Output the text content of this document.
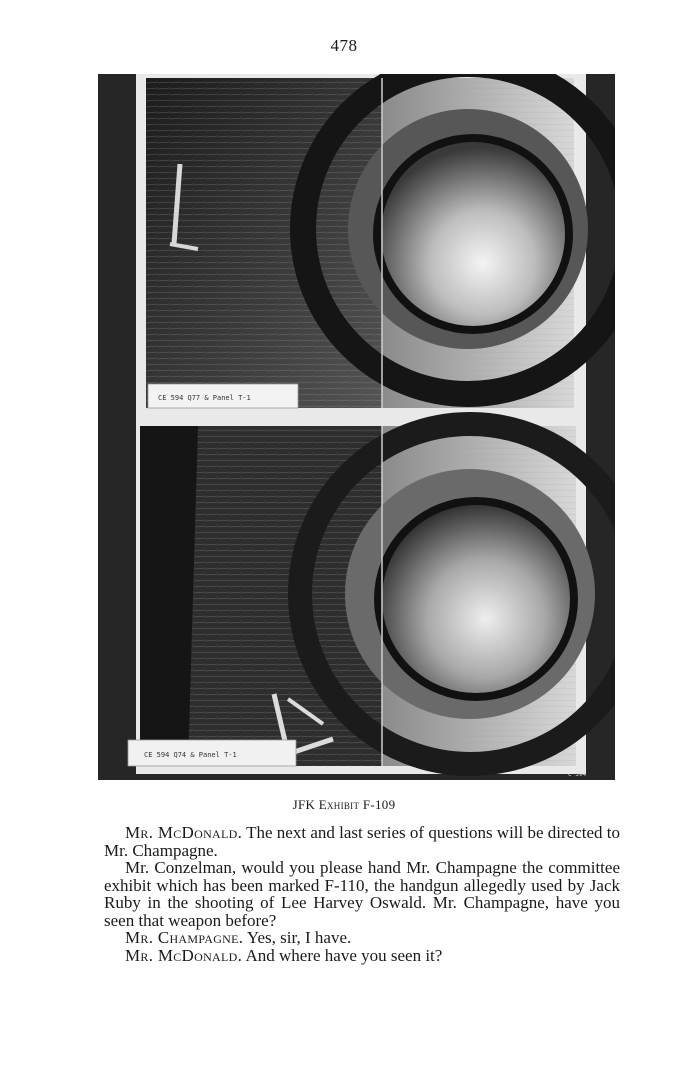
478
CE 594 Q77 & Panel T-1
CE 594 Q74 & Panel T-1
C 594
JFK Exhibit F-109

Mr. McDonald. The next and last series of questions will be directed to Mr. Champagne.

Mr. Conzelman, would you please hand Mr. Champagne the committee exhibit which has been marked F-110, the handgun allegedly used by Jack Ruby in the shooting of Lee Harvey Oswald. Mr. Champagne, have you seen that weapon before?

Mr. Champagne. Yes, sir, I have.

Mr. McDonald. And where have you seen it?
